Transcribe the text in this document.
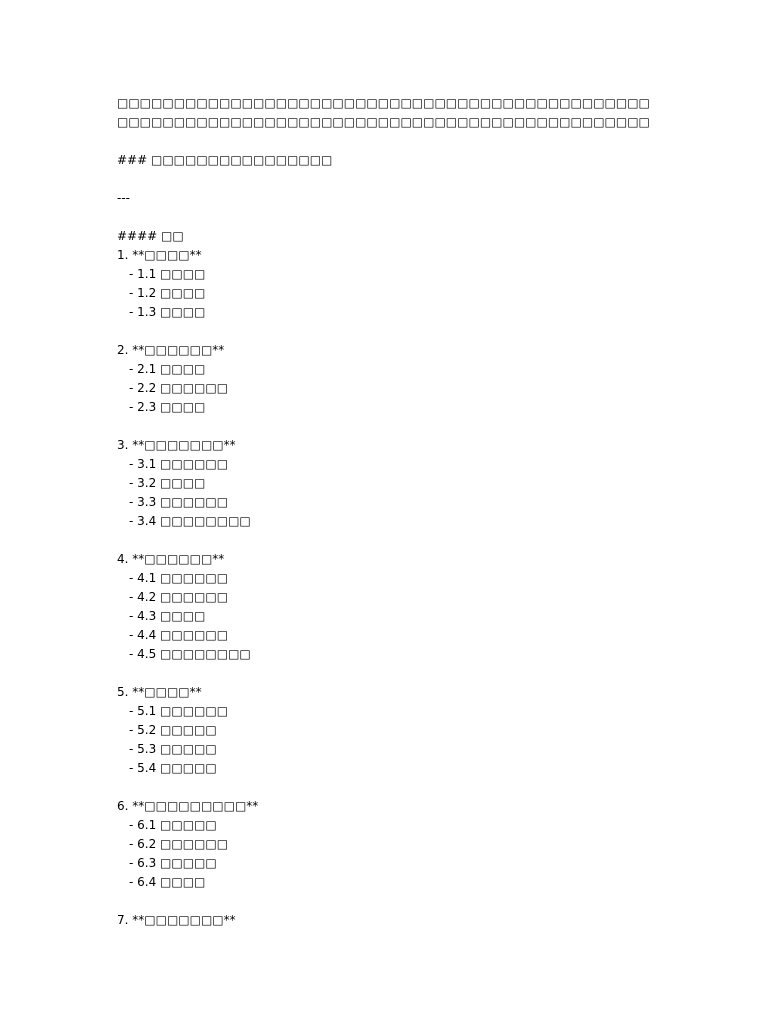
□□□□□□□□□□□□□□□□□□□□□□□□□□□□□□□□□□□□□□□□□□□□□□□□□□□□□□□□□□□□□□□□□□□□□□□□□□□□□□□□□□□□□□□□□□□□□□

### □□□□□□□□□□□□□□□□
---
#### □□
1. **□□□□**
- 1.1 □□□□
- 1.2 □□□□
- 1.3 □□□□
2. **□□□□□□**
- 2.1 □□□□
- 2.2 □□□□□□
- 2.3 □□□□
3. **□□□□□□□**
- 3.1 □□□□□□
- 3.2 □□□□
- 3.3 □□□□□□
- 3.4 □□□□□□□□
4. **□□□□□□**
- 4.1 □□□□□□
- 4.2 □□□□□□
- 4.3 □□□□
- 4.4 □□□□□□
- 4.5 □□□□□□□□
5. **□□□□**
- 5.1 □□□□□□
- 5.2 □□□□□
- 5.3 □□□□□
- 5.4 □□□□□
6. **□□□□□□□□□**
- 6.1 □□□□□
- 6.2 □□□□□□
- 6.3 □□□□□
- 6.4 □□□□
7. **□□□□□□□**
